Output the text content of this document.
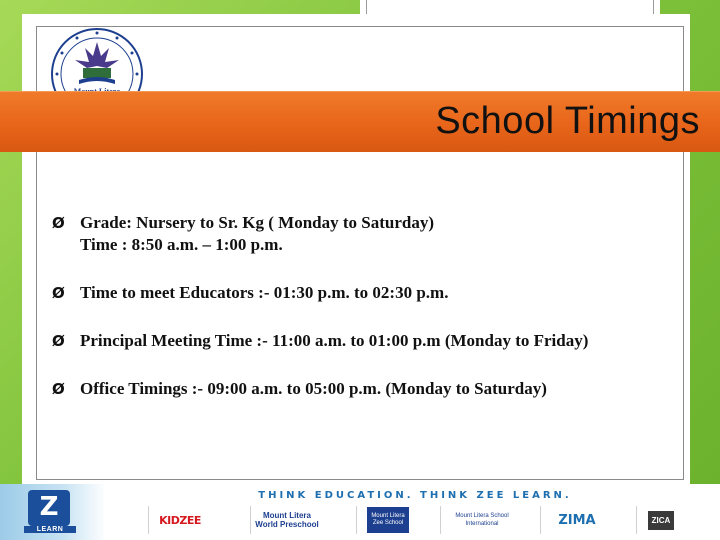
School Timings
Ø Grade: Nursery to Sr. Kg ( Monday to Saturday)
Time : 8:50 a.m. – 1:00 p.m.
Ø Time to meet Educators :- 01:30 p.m. to 02:30 p.m.
Ø Principal Meeting Time :- 11:00 a.m. to 01:00 p.m (Monday to Friday)
Ø Office Timings :- 09:00 a.m. to 05:00 p.m. (Monday to Saturday)
Z
LEARN
THINK EDUCATION. THINK ZEE LEARN.
KIDZEE	Mount Litera
World Preschool
Mount Litera
Zee School
Mount Litera School
International	ZIMA	ZICA
